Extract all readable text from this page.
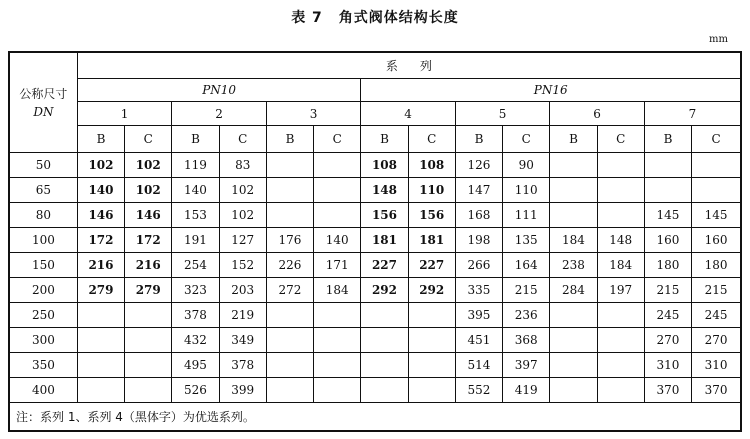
表 7 角式阀体结构长度
mm
公称尺寸
DN	系列													
	PN10						PN16							
	1		2		3		4		5		6		7	
	B	C	B	C	B	C	B	C	B	C	B	C	B	C
50	102	102	119	83			108	108	126	90				
65	140	102	140	102			148	110	147	110				
80	146	146	153	102			156	156	168	111			145	145
100	172	172	191	127	176	140	181	181	198	135	184	148	160	160
150	216	216	254	152	226	171	227	227	266	164	238	184	180	180
200	279	279	323	203	272	184	292	292	335	215	284	197	215	215
250			378	219					395	236			245	245
300			432	349					451	368			270	270
350			495	378					514	397			310	310
400			526	399					552	419			370	370
注：系列 1、系列 4（黑体字）为优选系列。														
